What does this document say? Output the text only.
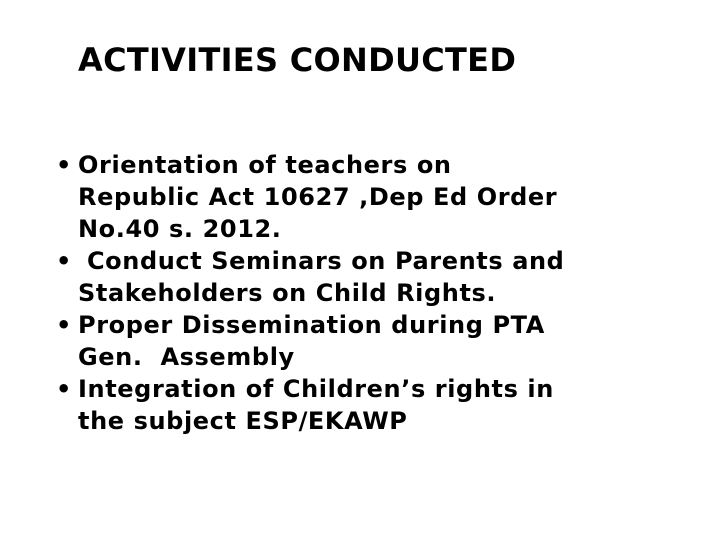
ACTIVITIES CONDUCTED
• Orientation of teachers on
Republic Act 10627 ,Dep Ed Order
No.40 s. 2012.
• Conduct Seminars on Parents and
Stakeholders on Child Rights.
• Proper Dissemination during PTA
Gen.  Assembly
• Integration of Children’s rights in
the subject ESP/EKAWP
